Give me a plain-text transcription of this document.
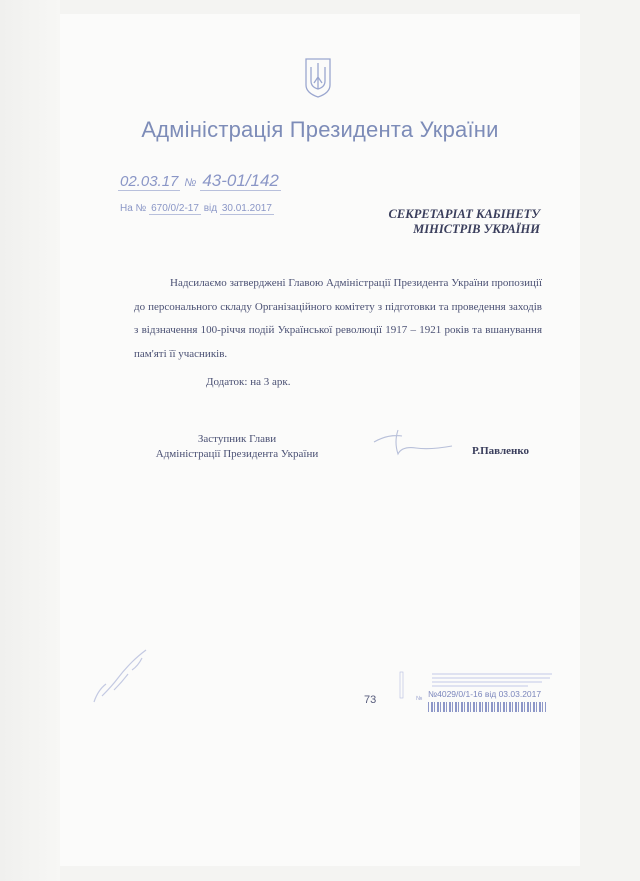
Адміністрація Президента України
02.03.17 № 43-01/142
На № 670/0/2-17 від 30.01.2017	СЕКРЕТАРІАТ КАБІНЕТУ
МІНІСТРІВ УКРАЇНИ

Надсилаємо затверджені Главою Адміністрації Президента України пропозиції до персонального складу Організаційного комітету з підготовки та проведення заходів з відзначення 100-річчя подій Української революції 1917 – 1921 років та вшанування пам'яті її учасників.

Додаток: на 3 арк.
Заступник Глави
Адміністрації Президента України	Р.Павленко
73	№ №4029/0/1-16 від 03.03.2017
